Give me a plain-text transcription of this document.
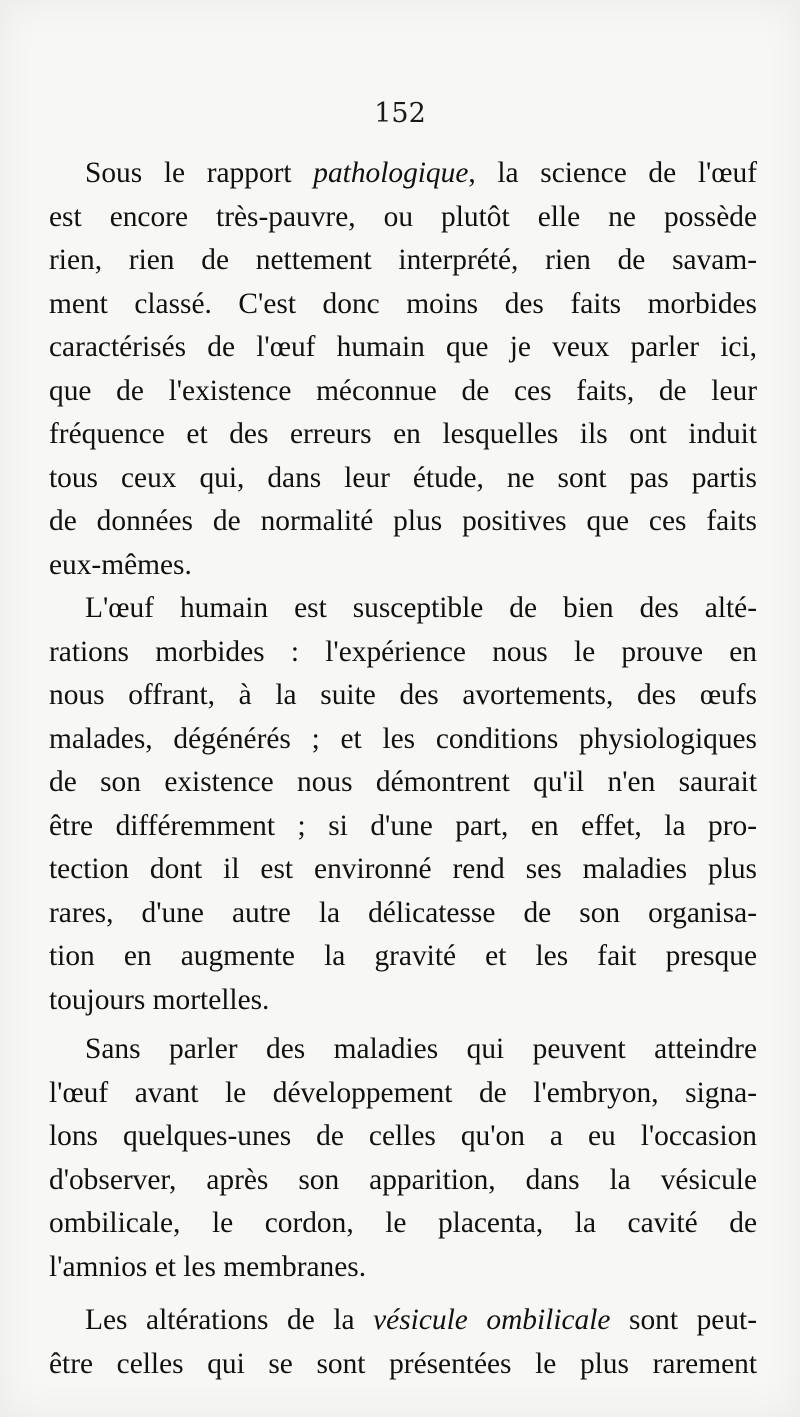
152

Sous le rapport pathologique, la science de l'œuf
est encore très-pauvre, ou plutôt elle ne possède
rien, rien de nettement interprété, rien de savam-
ment classé. C'est donc moins des faits morbides
caractérisés de l'œuf humain que je veux parler ici,
que de l'existence méconnue de ces faits, de leur
fréquence et des erreurs en lesquelles ils ont induit
tous ceux qui, dans leur étude, ne sont pas partis
de données de normalité plus positives que ces faits
eux-mêmes.

L'œuf humain est susceptible de bien des alté-
rations morbides : l'expérience nous le prouve en
nous offrant, à la suite des avortements, des œufs
malades, dégénérés ; et les conditions physiologiques
de son existence nous démontrent qu'il n'en saurait
être différemment ; si d'une part, en effet, la pro-
tection dont il est environné rend ses maladies plus
rares, d'une autre la délicatesse de son organisa-
tion en augmente la gravité et les fait presque
toujours mortelles.

Sans parler des maladies qui peuvent atteindre
l'œuf avant le développement de l'embryon, signa-
lons quelques-unes de celles qu'on a eu l'occasion
d'observer, après son apparition, dans la vésicule
ombilicale, le cordon, le placenta, la cavité de
l'amnios et les membranes.

Les altérations de la vésicule ombilicale sont peut-
être celles qui se sont présentées le plus rarement
